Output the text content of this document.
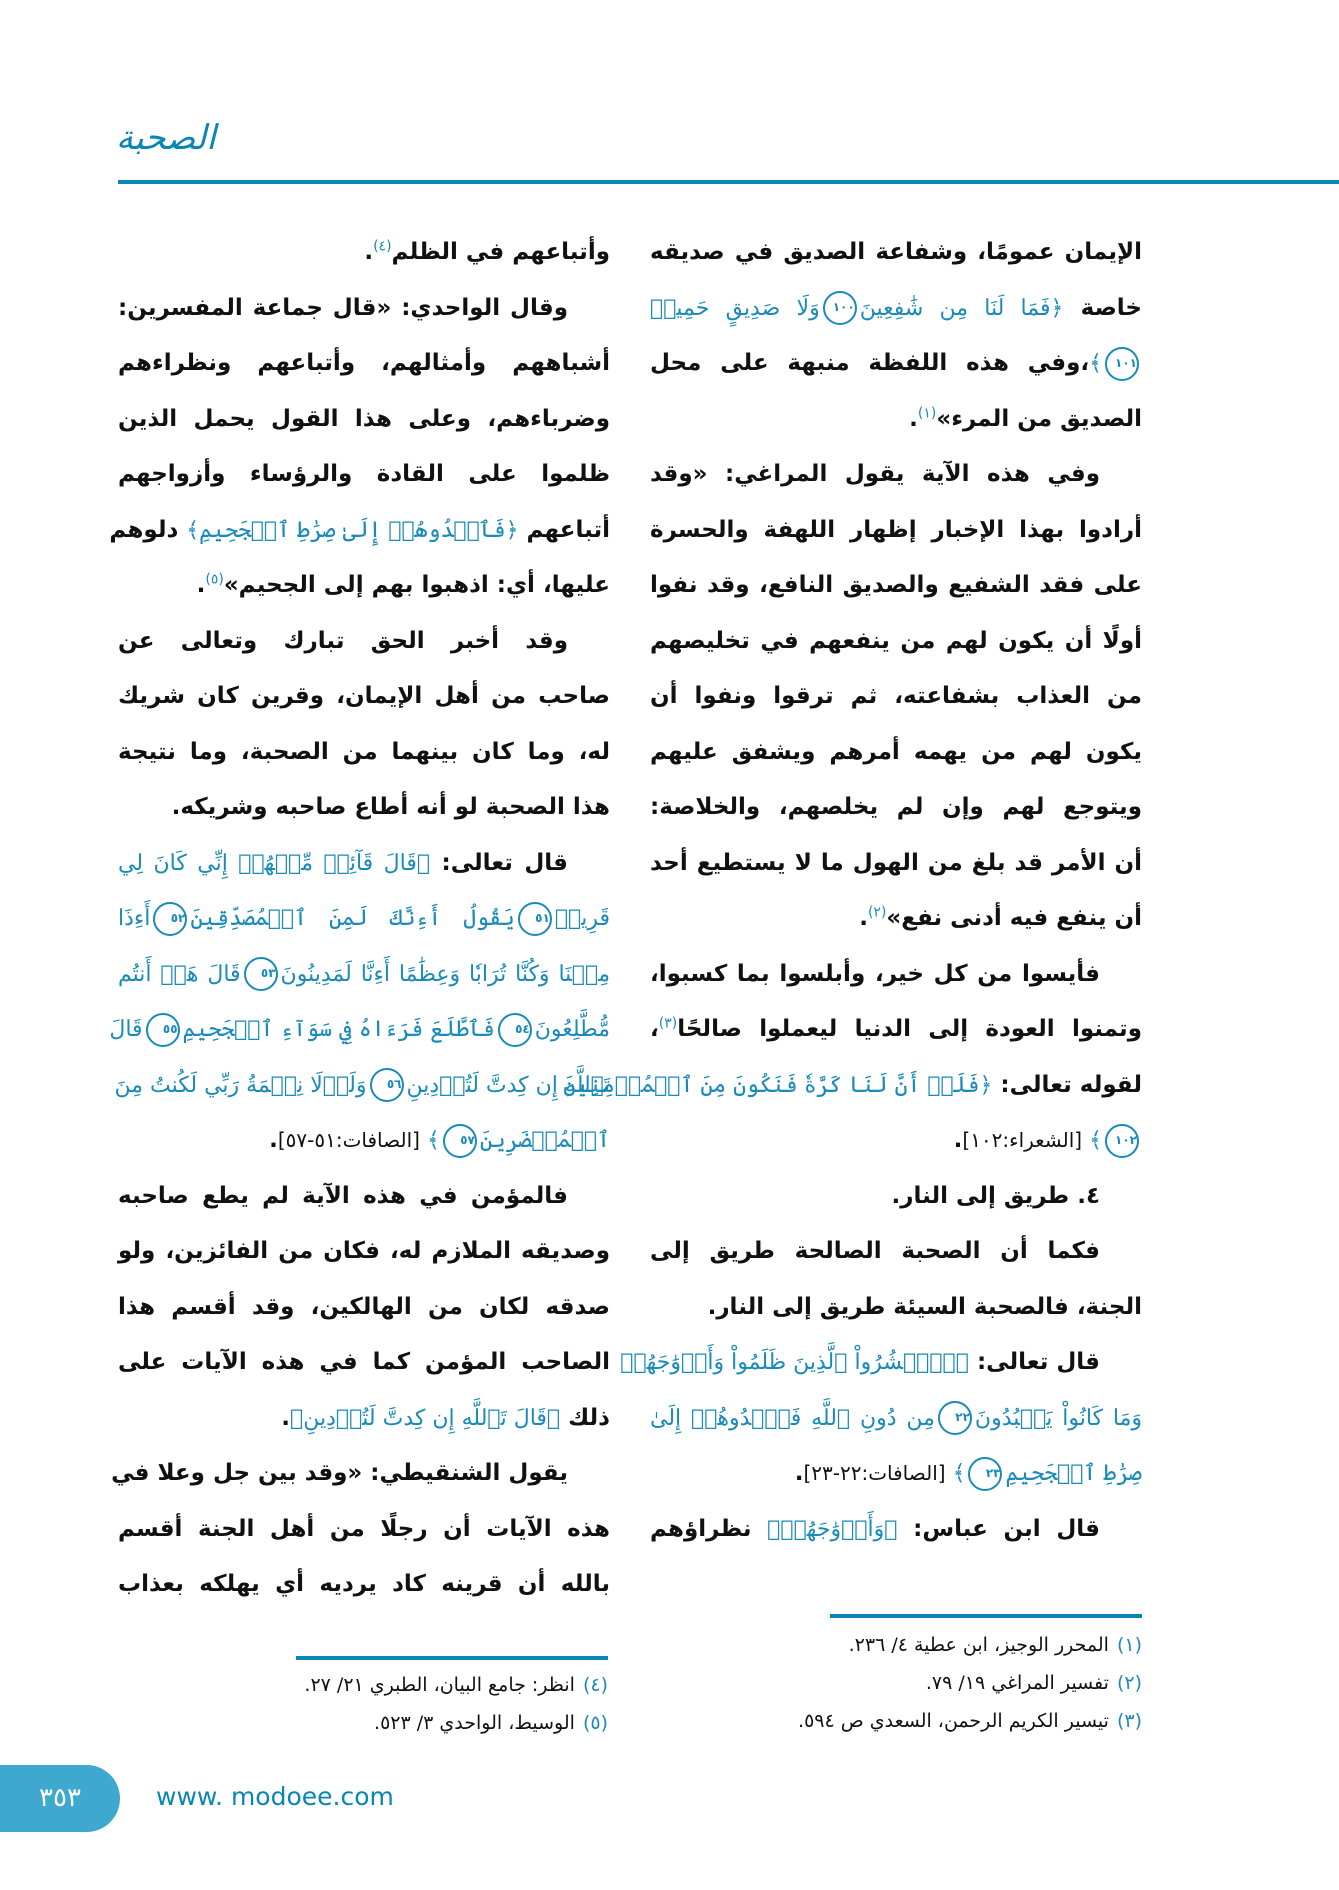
الصحبة
الإيمان عمومًا، وشفاعة الصديق في صديقه
خاصة ﴿فَمَا لَنَا مِن شَٰفِعِينَ١٠٠وَلَا صَدِيقٍ حَمِيمٖ
١٠١﴾،وفي هذه اللفظة منبهة على محل
الصديق من المرء»$^{(١)}$.
وفي هذه الآية يقول المراغي: «وقد
أرادوا بهذا الإخبار إظهار اللهفة والحسرة
على فقد الشفيع والصديق النافع، وقد نفوا
أولًا أن يكون لهم من ينفعهم في تخليصهم
من العذاب بشفاعته، ثم ترقوا ونفوا أن
يكون لهم من يهمه أمرهم ويشفق عليهم
ويتوجع لهم وإن لم يخلصهم، والخلاصة:
أن الأمر قد بلغ من الهول ما لا يستطيع أحد
أن ينفع فيه أدنى نفع»$^{(٢)}$.
فأيسوا من كل خير، وأبلسوا بما كسبوا،
وتمنوا العودة إلى الدنيا ليعملوا صالحًا$^{(٣)}$،
لقوله تعالى: ﴿فَلَوۡ أَنَّ لَنَا كَرَّةٗ فَنَكُونَ مِنَ ٱلۡمُؤۡمِنِينَ
١٠٢﴾ [الشعراء:١٠٢].
٤. طريق إلى النار.
فكما أن الصحبة الصالحة طريق إلى
الجنة، فالصحبة السيئة طريق إلى النار.
قال تعالى: ﴿۞ٱحۡشُرُواْ ٱلَّذِينَ ظَلَمُواْ وَأَزۡوَٰجَهُمۡ
وَمَا كَانُواْ يَعۡبُدُونَ٢٢مِن دُونِ ٱللَّهِ فَٱهۡدُوهُمۡ إِلَىٰ
صِرَٰطِ ٱلۡجَحِيمِ٢٣﴾ [الصافات:٢٢-٢٣].
قال ابن عباس: ﴿وَأَزۡوَٰجَهُمۡ﴾ نظراؤهم
وأتباعهم في الظلم$^{(٤)}$.
وقال الواحدي: «قال جماعة المفسرين:
أشباههم وأمثالهم، وأتباعهم ونظراءهم
وضرباءهم، وعلى هذا القول يحمل الذين
ظلموا على القادة والرؤساء وأزواجهم
أتباعهم ﴿فَٱهۡدُوهُمۡ إِلَىٰ صِرَٰطِ ٱلۡجَحِيمِ﴾ دلوهم
عليها، أي: اذهبوا بهم إلى الجحيم»$^{(٥)}$.
وقد أخبر الحق تبارك وتعالى عن
صاحب من أهل الإيمان، وقرين كان شريك
له، وما كان بينهما من الصحبة، وما نتيجة
هذا الصحبة لو أنه أطاع صاحبه وشريكه.
قال تعالى: ﴿قَالَ قَآئِلٞ مِّنۡهُمۡ إِنِّي كَانَ لِي
قَرِينٞ٥١يَقُولُ أَءِنَّكَ لَمِنَ ٱلۡمُصَدِّقِينَ٥٢أَءِذَا
مِتۡنَا وَكُنَّا تُرَابٗا وَعِظَٰمًا أَءِنَّا لَمَدِينُونَ٥٣قَالَ هَلۡ أَنتُم
مُّطَّلِعُونَ٥٤فَٱطَّلَعَ فَرَءَاهُ فِي سَوَآءِ ٱلۡجَحِيمِ٥٥قَالَ
تَٱللَّهِ إِن كِدتَّ لَتُرۡدِينِ٥٦وَلَوۡلَا نِعۡمَةُ رَبِّي لَكُنتُ مِنَ
ٱلۡمُحۡضَرِينَ٥٧﴾ [الصافات:٥١-٥٧].
فالمؤمن في هذه الآية لم يطع صاحبه
وصديقه الملازم له، فكان من الفائزين، ولو
صدقه لكان من الهالكين، وقد أقسم هذا
الصاحب المؤمن كما في هذه الآيات على
ذلك ﴿قَالَ تَٱللَّهِ إِن كِدتَّ لَتُرۡدِينِ﴾.
يقول الشنقيطي: «وقد بين جل وعلا في
هذه الآيات أن رجلًا من أهل الجنة أقسم
بالله أن قرينه كاد يرديه أي يهلكه بعذاب
٣٥٣	www. modoee.com
(١)المحرر الوجيز، ابن عطية ٤/ ٢٣٦.
(٢)تفسير المراغي ١٩/ ٧٩.
(٣)تيسير الكريم الرحمن، السعدي ص ٥٩٤.
(٤)انظر: جامع البيان، الطبري ٢١/ ٢٧.
(٥)الوسيط، الواحدي ٣/ ٥٢٣.
